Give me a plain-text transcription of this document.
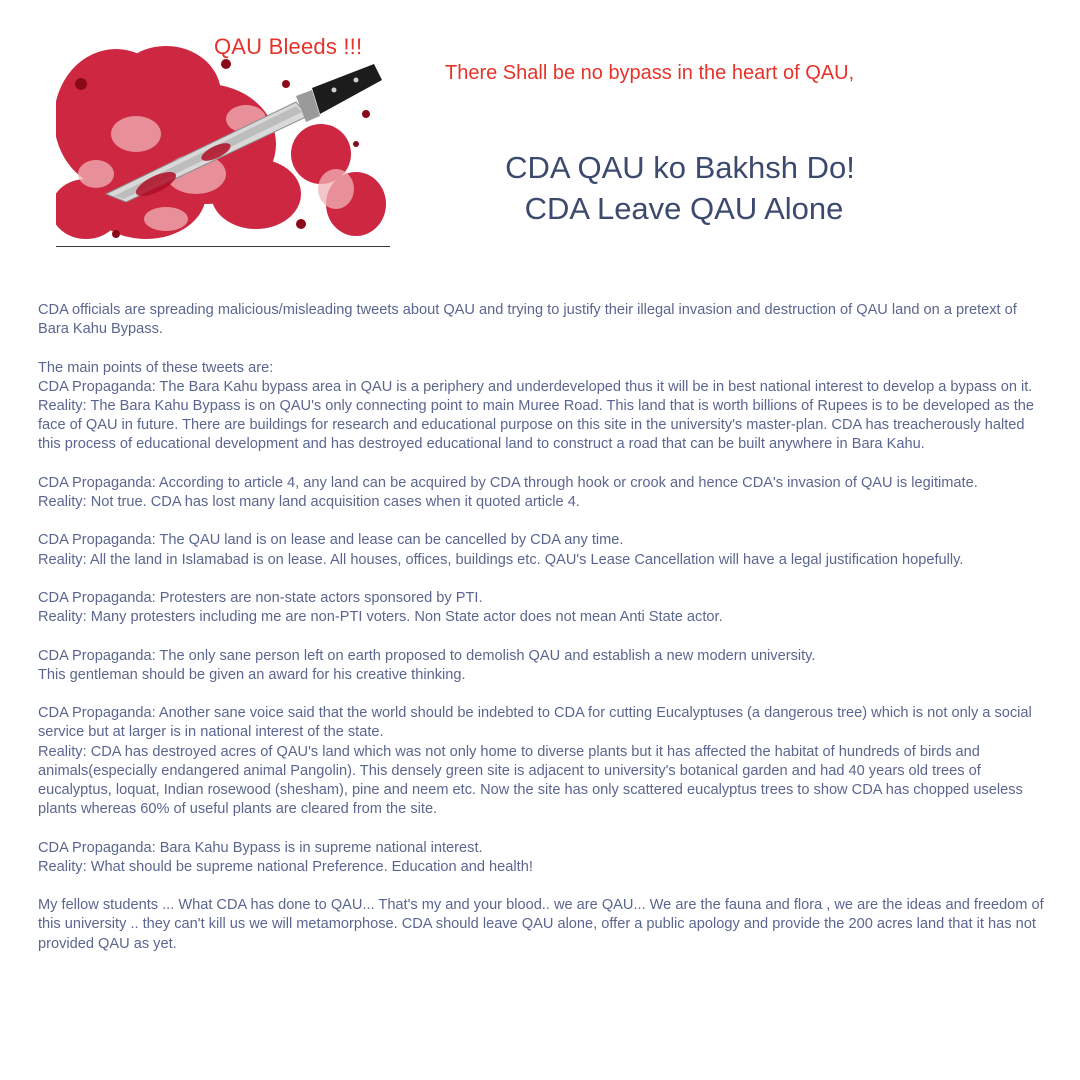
QAU Bleeds !!!
There Shall be no bypass in the heart of QAU,
CDA QAU ko Bakhsh Do!
CDA Leave QAU Alone

CDA officials are spreading malicious/misleading tweets about QAU and trying to justify their illegal invasion and destruction of QAU land on a pretext of Bara Kahu Bypass.

The main points of these tweets are:
CDA Propaganda: The Bara Kahu bypass area in QAU is a periphery and underdeveloped thus it will be in best national interest to develop a bypass on it.
Reality: The Bara Kahu Bypass is on QAU's only connecting point to main Muree Road. This land that is worth billions of Rupees is to be developed as the face of QAU in future. There are buildings for research and educational purpose on this site in the university's master-plan. CDA has treacherously halted this process of educational development and has destroyed educational land to construct a road that can be built anywhere in Bara Kahu.

CDA Propaganda: According to article 4, any land can be acquired by CDA through hook or crook and hence CDA's invasion of QAU is legitimate.
Reality: Not true. CDA has lost many land acquisition cases when it quoted article 4.

CDA Propaganda: The QAU land is on lease and lease can be cancelled by CDA any time.
Reality: All the land in Islamabad is on lease. All houses, offices, buildings etc. QAU's Lease Cancellation will have a legal justification hopefully.

CDA Propaganda: Protesters are non-state actors sponsored by PTI.
Reality: Many protesters including me are non-PTI voters. Non State actor does not mean Anti State actor.

CDA Propaganda: The only sane person left on earth proposed to demolish QAU and establish a new modern university.
This gentleman should be given an award for his creative thinking.

CDA Propaganda: Another sane voice said that the world should be indebted to CDA for cutting Eucalyptuses (a dangerous tree) which is not only a social service but at larger is in national interest of the state.
Reality: CDA has destroyed acres of QAU's land which was not only home to diverse plants but it has affected the habitat of hundreds of birds and animals(especially endangered animal Pangolin). This densely green site is adjacent to university's botanical garden and had 40 years old trees of eucalyptus, loquat, Indian rosewood (shesham), pine and neem etc. Now the site has only scattered eucalyptus trees to show CDA has chopped useless plants whereas 60% of useful plants are cleared from the site.

CDA Propaganda: Bara Kahu Bypass is in supreme national interest.
Reality: What should be supreme national Preference. Education and health!

My fellow students ... What CDA has done to QAU... That's my and your blood.. we are QAU... We are the fauna and flora , we are the ideas and freedom of this university .. they can't kill us we will metamorphose. CDA should leave QAU alone, offer a public apology and provide the 200 acres land that it has not provided QAU as yet.
